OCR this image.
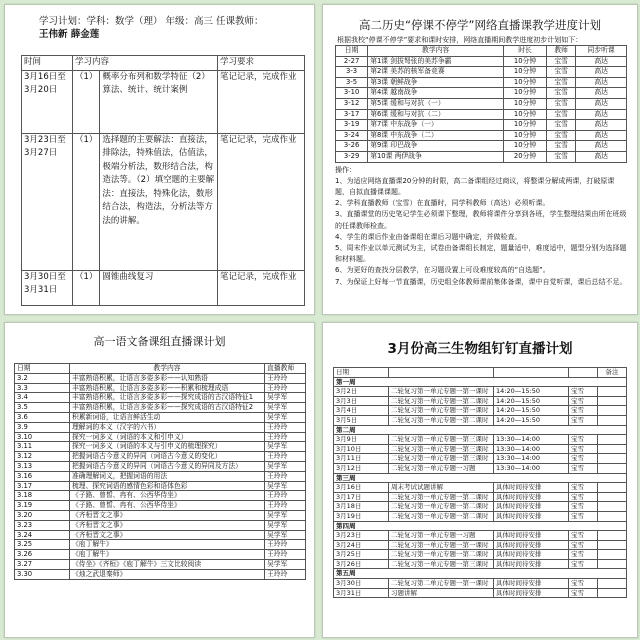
学习计划：学科：数学（理） 年级：高三 任课教师：
王伟新 薛金莲
时间	学习内容		学习要求
3月16日至3月20日	（1）	概率分布列和数学特征（2）算法、统计、统计案例	笔记记录，完成作业
3月23日至3月27日	（1）	选择题的主要解法：直接法，排除法，特殊值法，估值法，极端分析法，数形结合法，构造法等。（2）填空题的主要解法：直接法，特殊化法，数形结合法，构造法，分析法等方法的讲解。	笔记记录，完成作业
3月30日至3月31日	（1）	圆锥曲线复习	笔记记录，完成作业
高二历史“停课不停学”网络直播课教学进度计划
根据我校“停课不停学”要求和课时安排，网络直播期间教学进度初步计划如下：
日期	教学内容	时长	教师	同步听课
2-27	第1课 剑拔弩张的美苏争霸	10分钟	宝雪	高达
3-3	第2课 美苏的核军备竞赛	10分钟	宝雪	高达
3-5	第3课 朝鲜战争	10分钟	宝雪	高达
3-10	第4课 越南战争	10分钟	宝雪	高达
3-12	第5课 缓和与对抗（一）	10分钟	宝雪	高达
3-17	第6课 缓和与对抗（二）	10分钟	宝雪	高达
3-19	第7课 中东战争（一）	10分钟	宝雪	高达
3-24	第8课 中东战争（二）	10分钟	宝雪	高达
3-26	第9课 印巴战争	10分钟	宝雪	高达
3-29	第10课 两伊战争	20分钟	宝雪	高达

操作：

1、为适应网络直播课20分钟的时限，高二备课组经过商议，将整课分解成两课，打破原课题，自拟直播课课题。

2、学科直播教师（宝雪）在直播时，同学科教师（高达）必须听课。

3、直播课堂的历史笔记学生必须课下整理，教师将课件分享到各班，学生整理结果由所在班级的任课教师检查。

4、学生的课后作业由备课组在课后习题中确定，并做检查。

5、周末作业以单元测试为主，试卷由备课组长制定，题量适中，难度适中，题型分别为选择题和材料题。

6、为更好的查找分层教学，在习题设置上可设难度较高的“自选题”。

7、为保证上好每一节直播课，历史组全体教师课前集体备课，课中自觉听课，课后总结不足。

高一语文备课组直播课计划
日期	教学内容	直播教师
3.2	丰富熟语积累，让语言多姿多彩——认知熟语	王玲玲
3.3	丰富熟语积累，让语言多姿多彩——积累和梳理成语	王玲玲
3.4	丰富熟语积累，让语言多姿多彩——探究成语的古汉语特征1	吴学军
3.5	丰富熟语积累，让语言多姿多彩——探究成语的古汉语特征2	吴学军
3.6	积累新词语，让语言鲜活生动	吴学军
3.9	理解词的本义（汉字的六书）	王玲玲
3.10	探究一词多义（词语的本义和引申义）	王玲玲
3.11	探究一词多义（词语的本义与引申义的梳理探究）	吴学军
3.12	把握词语古今意义的异同（词语古今意义的变化）	王玲玲
3.13	把握词语古今意义的异同（词语古今意义的异同及方法）	吴学军
3.16	准确理解词义，把握词语的用法	王玲玲
3.17	梳理、探究词语的感情色彩和语体色彩	吴学军
3.18	《子路、曾皙、冉有、公西华侍坐》	王玲玲
3.19	《子路、曾皙、冉有、公西华侍坐》	王玲玲
3.20	《齐桓晋文之事》	吴学军
3.23	《齐桓晋文之事》	吴学军
3.24	《齐桓晋文之事》	吴学军
3.25	《庖丁解牛》	王玲玲
3.26	《庖丁解牛》	王玲玲
3.27	《侍坐》《齐桓》《庖丁解牛》三文比较阅读	吴学军
3.30	《烛之武退秦师》	王玲玲
3月份高三生物组钉钉直播计划
日期				备注
第一周				
3月2日	二轮复习第一单元专题一第一课时	14:20—15:50	宝雪	
3月3日	二轮复习第一单元专题一第二课时	14:20—15:50	宝雪	
3月4日	二轮复习第一单元专题一第一课时	14:20—15:50	宝雪	
3月5日	二轮复习第一单元专题一第二课时	14:20—15:50	宝雪	
第二周				
3月9日	二轮复习第一单元专题一第三课时	13:30—14:00	宝雪	
3月10日	二轮复习第一单元专题一第三课时	13:30—14:00	宝雪	
3月11日	二轮复习第一单元专题一第三课时	13:30—14:00	宝雪	
3月12日	二轮复习第一单元专题一习题	13:30—14:00	宝雪	
第三周				
3月16日	周末考试试题讲解	具体时间待安排	宝雪	
3月17日	二轮复习第一单元专题一第二课时	具体时间待安排	宝雪	
3月18日	二轮复习第一单元专题一第二课时	具体时间待安排	宝雪	
3月19日	二轮复习第一单元专题一第二课时	具体时间待安排	宝雪	
第四周				
3月23日	二轮复习第一单元专题一习题	具体时间待安排	宝雪	
3月24日	二轮复习第一单元专题一第一课时	具体时间待安排	宝雪	
3月25日	二轮复习第一单元专题一第二课时	具体时间待安排	宝雪	
3月26日	二轮复习第一单元专题一第三课时	具体时间待安排	宝雪	
第五周				
3月30日	二轮复习第二单元专题一第一课时	具体时间待安排	宝雪	
3月31日	习题讲解	具体时间待安排	宝雪	
